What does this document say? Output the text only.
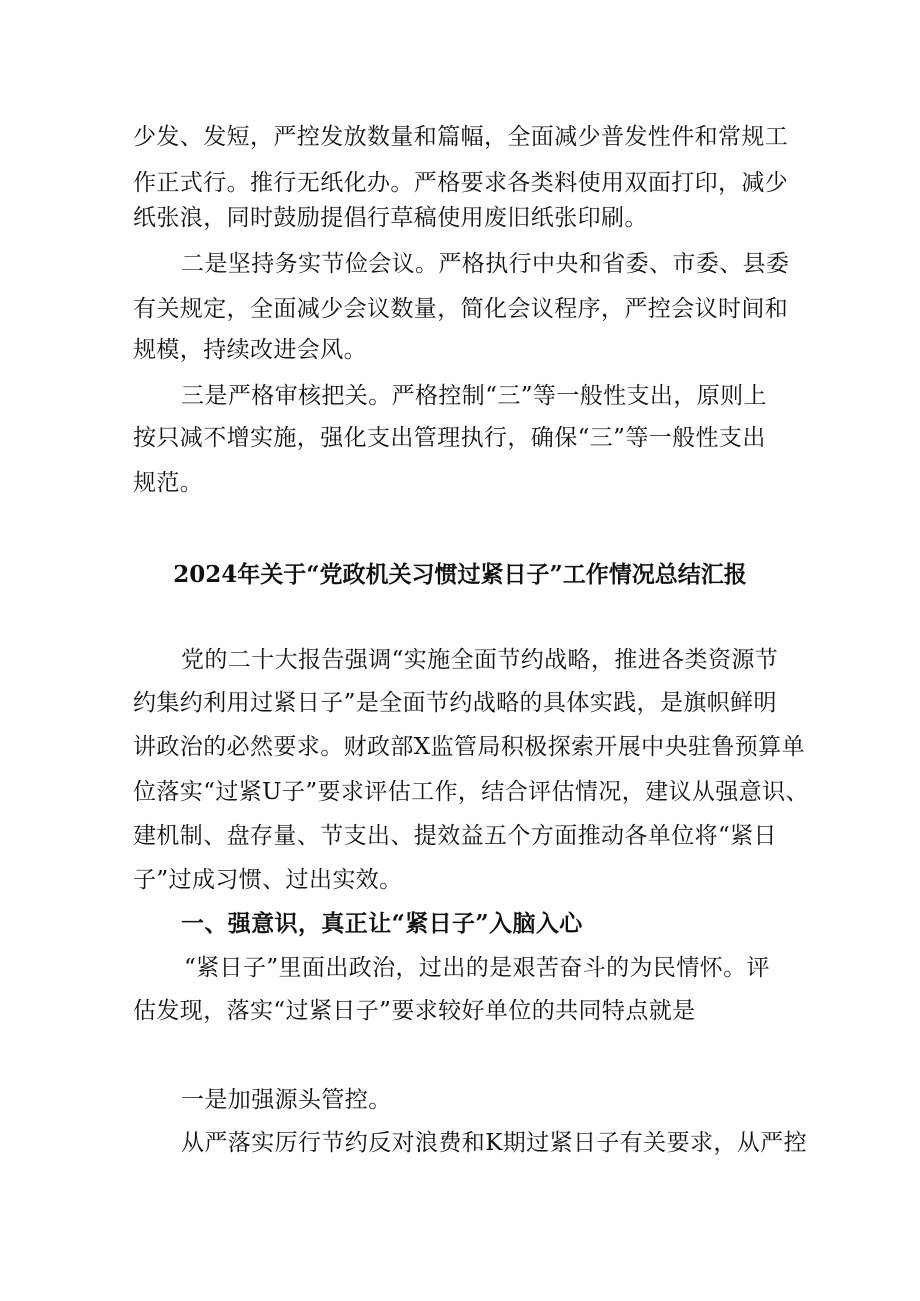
少发、发短，严控发放数量和篇幅，全面减少普发性件和常规工
作正式行。推行无纸化办。严格要求各类料使用双面打印，减少
纸张浪，同时鼓励提倡行草稿使用废旧纸张印刷。
二是坚持务实节俭会议。严格执行中央和省委、市委、县委
有关规定，全面减少会议数量，简化会议程序，严控会议时间和
规模，持续改进会风。
三是严格审核把关。严格控制“三”等一般性支出，原则上
按只减不增实施，强化支出管理执行，确保“三”等一般性支出
规范。
2024年关于“党政机关习惯过紧日子”工作情况总结汇报
党的二十大报告强调“实施全面节约战略，推进各类资源节
约集约利用过紧日子”是全面节约战略的具体实践，是旗帜鲜明
讲政治的必然要求。财政部X监管局积极探索开展中央驻鲁预算单
位落实“过紧U子”要求评估工作，结合评估情况，建议从强意识、
建机制、盘存量、节支出、提效益五个方面推动各单位将“紧日
子”过成习惯、过出实效。
一、强意识，真正让“紧日子”入脑入心
“紧日子”里面出政治，过出的是艰苦奋斗的为民情怀。评
估发现，落实“过紧日子”要求较好单位的共同特点就是
一是加强源头管控。
从严落实厉行节约反对浪费和K期过紧日子有关要求，从严控
